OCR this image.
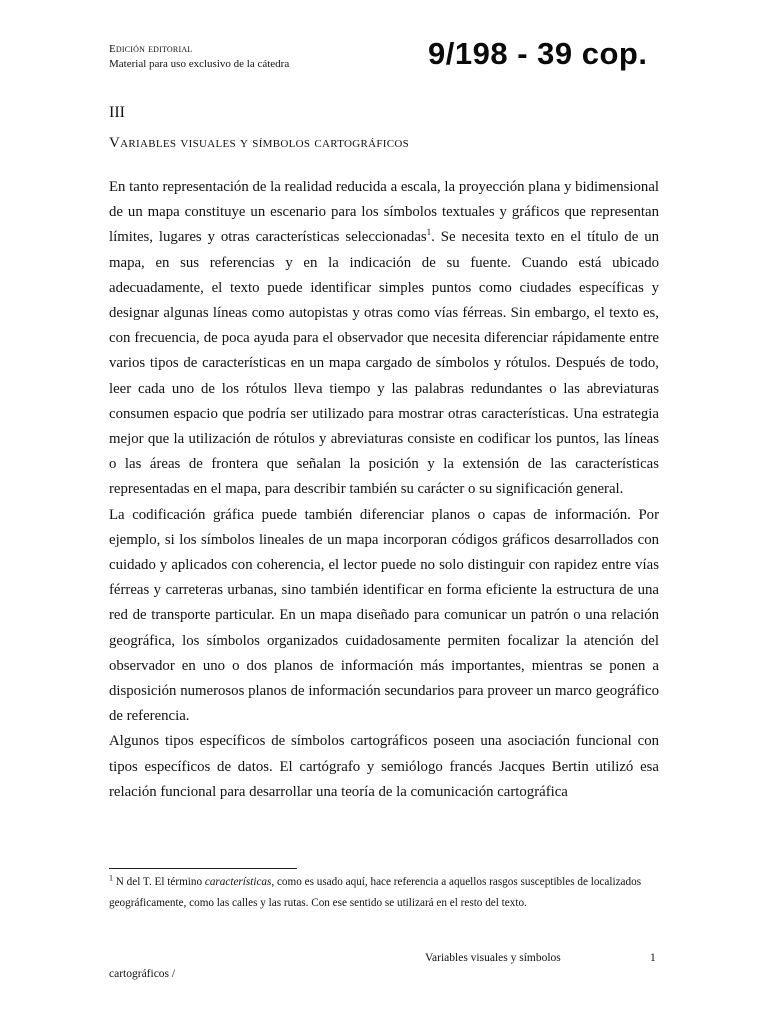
Edición editorial
Material para uso exclusivo de la cátedra	9/198 - 39 cop.
III
Variables visuales y símbolos cartográficos

En tanto representación de la realidad reducida a escala, la proyección plana y bidimensional de un mapa constituye un escenario para los símbolos textuales y gráficos que representan límites, lugares y otras características seleccionadas$^1$. Se necesita texto en el título de un mapa, en sus referencias y en la indicación de su fuente. Cuando está ubicado adecuadamente, el texto puede identificar simples puntos como ciudades específicas y designar algunas líneas como autopistas y otras como vías férreas. Sin embargo, el texto es, con frecuencia, de poca ayuda para el observador que necesita diferenciar rápidamente entre varios tipos de características en un mapa cargado de símbolos y rótulos. Después de todo, leer cada uno de los rótulos lleva tiempo y las palabras redundantes o las abreviaturas consumen espacio que podría ser utilizado para mostrar otras características. Una estrategia mejor que la utilización de rótulos y abreviaturas consiste en codificar los puntos, las líneas o las áreas de frontera que señalan la posición y la extensión de las características representadas en el mapa, para describir también su carácter o su significación general.

La codificación gráfica puede también diferenciar planos o capas de información. Por ejemplo, si los símbolos lineales de un mapa incorporan códigos gráficos desarrollados con cuidado y aplicados con coherencia, el lector puede no solo distinguir con rapidez entre vías férreas y carreteras urbanas, sino también identificar en forma eficiente la estructura de una red de transporte particular. En un mapa diseñado para comunicar un patrón o una relación geográfica, los símbolos organizados cuidadosamente permiten focalizar la atención del observador en uno o dos planos de información más importantes, mientras se ponen a disposición numerosos planos de información secundarios para proveer un marco geográfico de referencia.

Algunos tipos específicos de símbolos cartográficos poseen una asociación funcional con tipos específicos de datos. El cartógrafo y semiólogo francés Jacques Bertin utilizó esa relación funcional para desarrollar una teoría de la comunicación cartográfica

$^1$ N del T. El término características, como es usado aquí, hace referencia a aquellos rasgos susceptibles de localizados geográficamente, como las calles y las rutas. Con ese sentido se utilizará en el resto del texto.
Variables visuales y símbolos	1
cartográficos /
